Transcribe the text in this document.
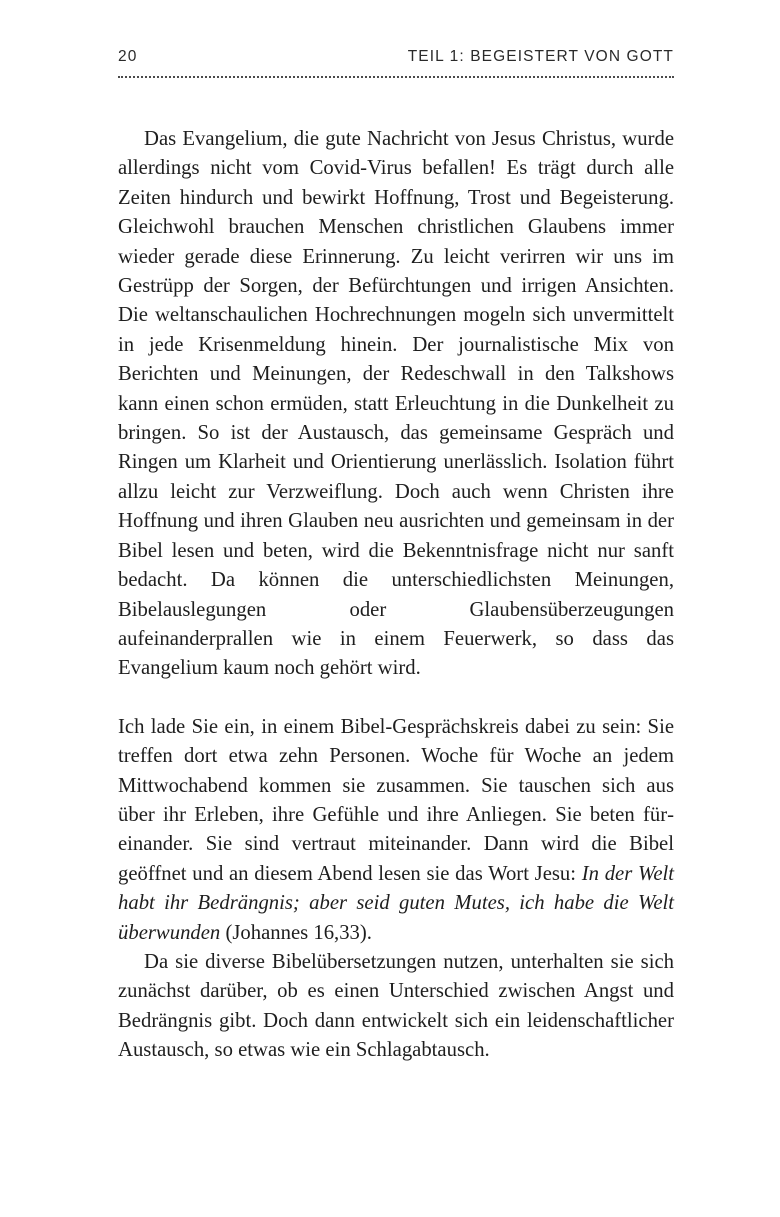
20	TEIL 1: BEGEISTERT VON GOTT

Das Evangelium, die gute Nachricht von Jesus Christus, wurde allerdings nicht vom Covid-Virus befallen! Es trägt durch alle Zeiten hindurch und bewirkt Hoffnung, Trost und Begeisterung. Gleichwohl brauchen Menschen christlichen Glaubens immer wieder gerade diese Erinnerung. Zu leicht verirren wir uns im Gestrüpp der Sorgen, der Befürchtungen und irrigen Ansichten. Die weltanschaulichen Hochrechnungen mogeln sich unvermittelt in jede Krisenmeldung hinein. Der journalistische Mix von Berichten und Meinungen, der Redeschwall in den Talkshows kann einen schon ermüden, statt Erleuchtung in die Dunkelheit zu bringen. So ist der Austausch, das gemeinsame Gespräch und Ringen um Klarheit und Orientierung unerlässlich. Isolation führt allzu leicht zur Verzweiflung. Doch auch wenn Christen ihre Hoffnung und ihren Glauben neu ausrichten und gemeinsam in der Bibel lesen und beten, wird die Bekenntnisfrage nicht nur sanft bedacht. Da können die unterschiedlichsten Meinungen, Bibelauslegungen oder Glaubensüberzeugungen aufeinanderprallen wie in einem Feuerwerk, so dass das Evangelium kaum noch gehört wird.

Ich lade Sie ein, in einem Bibel-Gesprächskreis dabei zu sein: Sie treffen dort etwa zehn Personen. Woche für Woche an jedem Mittwochabend kommen sie zusammen. Sie tauschen sich aus über ihr Erleben, ihre Gefühle und ihre Anliegen. Sie beten füreinander. Sie sind vertraut miteinander. Dann wird die Bibel geöffnet und an diesem Abend lesen sie das Wort Jesu: In der Welt habt ihr Bedrängnis; aber seid guten Mutes, ich habe die Welt überwunden (Johannes 16,33).

Da sie diverse Bibelübersetzungen nutzen, unterhalten sie sich zunächst darüber, ob es einen Unterschied zwischen Angst und Bedrängnis gibt. Doch dann entwickelt sich ein leidenschaftlicher Austausch, so etwas wie ein Schlagabtausch.
